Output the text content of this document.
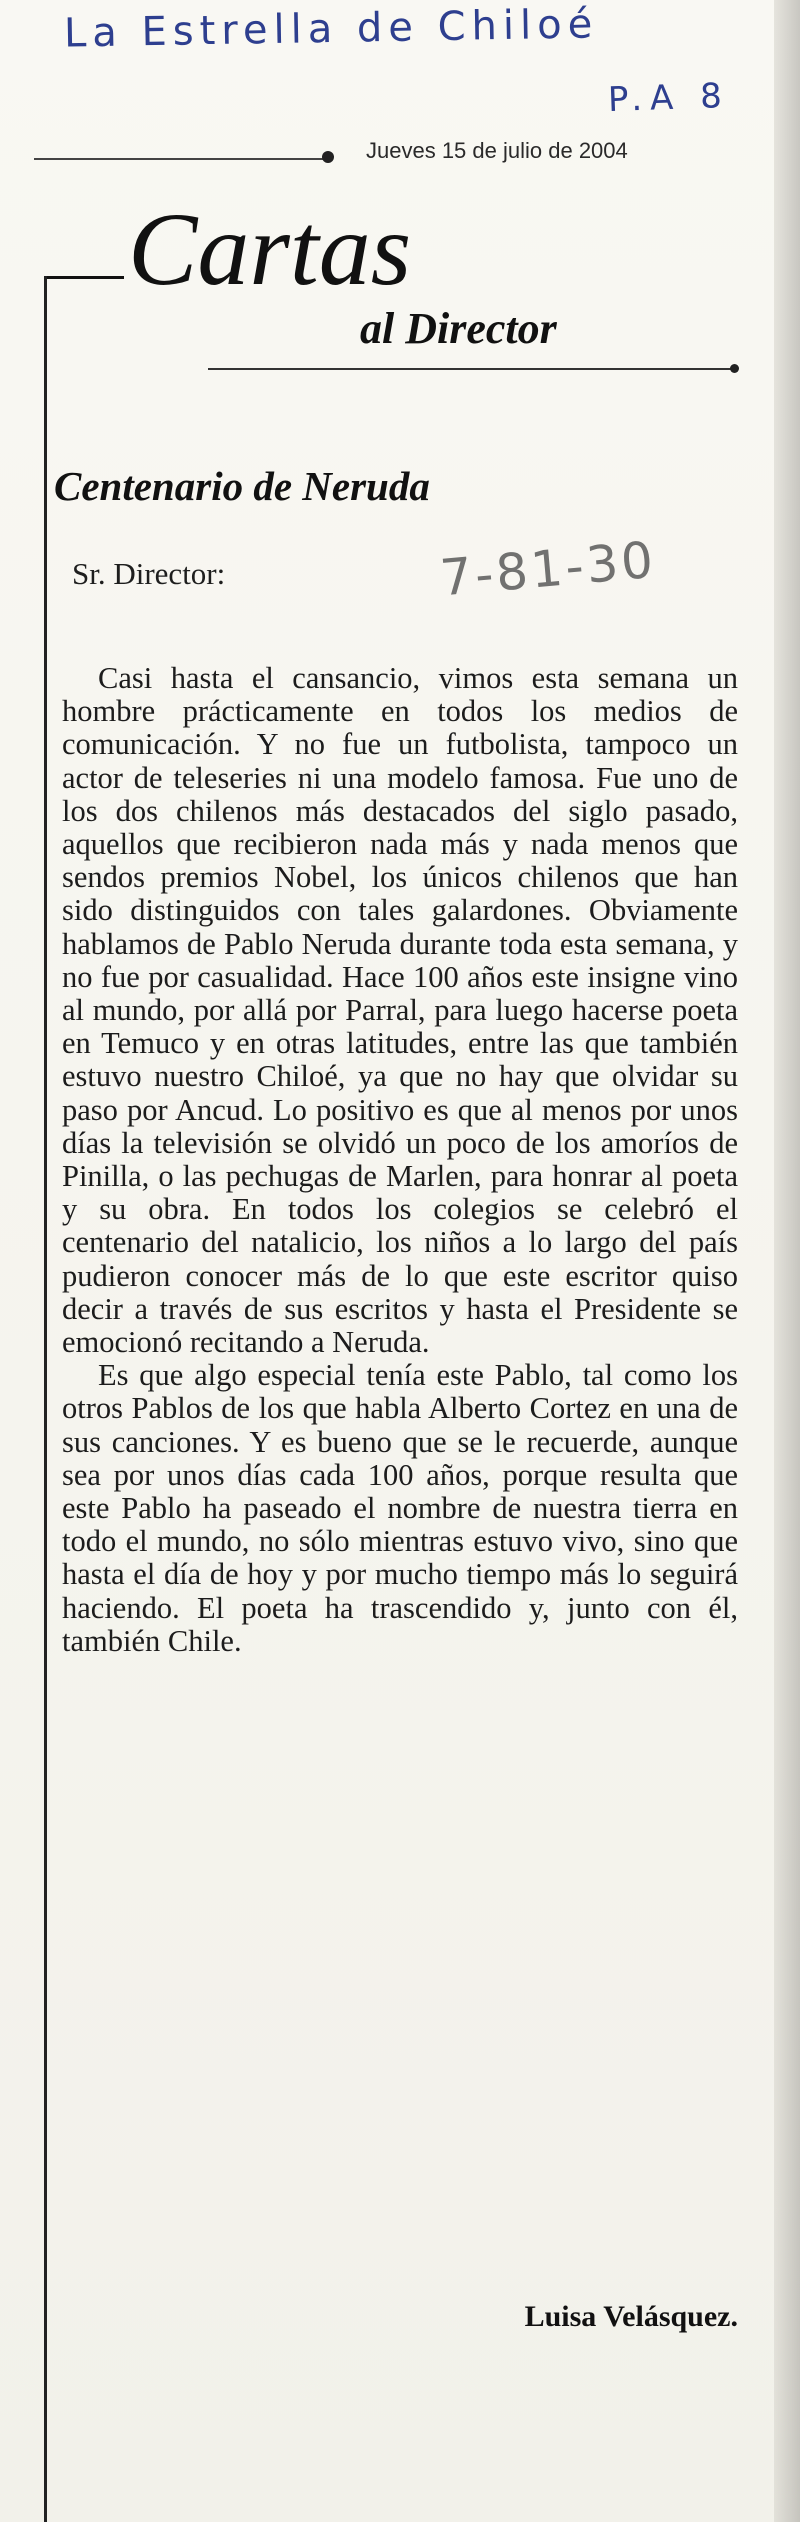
La Estrella de Chiloé
P.A 8
Jueves 15 de julio de 2004
Cartas
al Director
Centenario de Neruda
Sr. Director:	7-81-30

Casi hasta el cansancio, vimos esta semana un hombre prácticamente en todos los medios de comunicación. Y no fue un futbolista, tampoco un actor de teleseries ni una modelo famosa. Fue uno de los dos chilenos más destacados del siglo pasado, aquellos que recibieron nada más y nada menos que sendos premios Nobel, los únicos chilenos que han sido distinguidos con tales galardones. Obviamente hablamos de Pablo Neruda durante toda esta semana, y no fue por casualidad. Hace 100 años este insigne vino al mundo, por allá por Parral, para luego hacerse poeta en Temuco y en otras latitudes, entre las que también estuvo nuestro Chiloé, ya que no hay que olvidar su paso por Ancud. Lo positivo es que al menos por unos días la televisión se olvidó un poco de los amoríos de Pinilla, o las pechugas de Marlen, para honrar al poeta y su obra. En todos los colegios se celebró el centenario del natalicio, los niños a lo largo del país pudieron conocer más de lo que este escritor quiso decir a través de sus escritos y hasta el Presidente se emocionó recitando a Neruda.

Es que algo especial tenía este Pablo, tal como los otros Pablos de los que habla Alberto Cortez en una de sus canciones. Y es bueno que se le recuerde, aunque sea por unos días cada 100 años, porque resulta que este Pablo ha paseado el nombre de nuestra tierra en todo el mundo, no sólo mientras estuvo vivo, sino que hasta el día de hoy y por mucho tiempo más lo seguirá haciendo. El poeta ha trascendido y, junto con él, también Chile.

Luisa Velásquez.
